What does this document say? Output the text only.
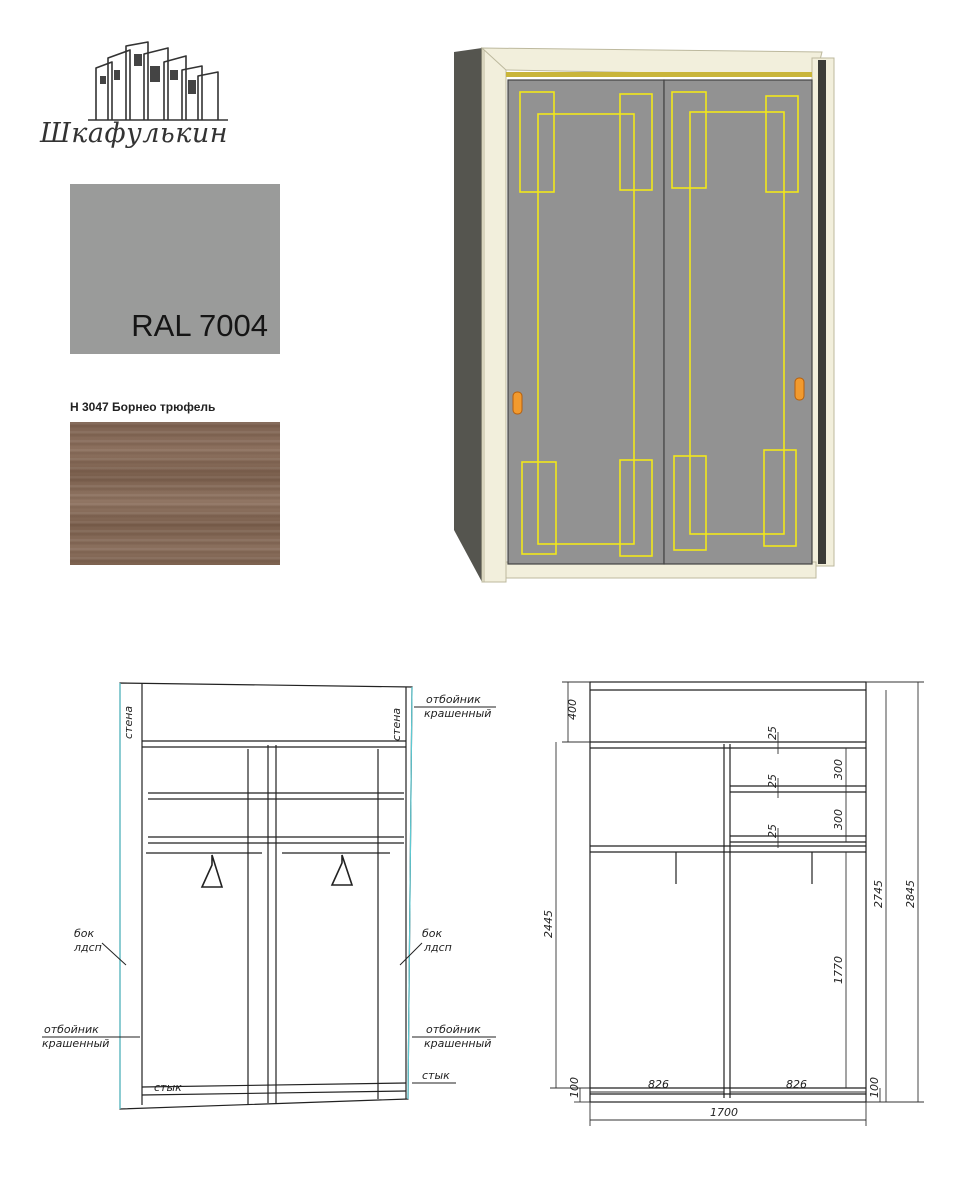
Шкафулькин
RAL 7004
H 3047 Борнео трюфель
стена	стена
отбойник
крашенный
бок
лдсп
бок
лдсп
отбойник
крашенный
отбойник
крашенный
стык
стык
400
2445
100
25
25
25
300
300
1770
100
2745 2845
826	826
1700
